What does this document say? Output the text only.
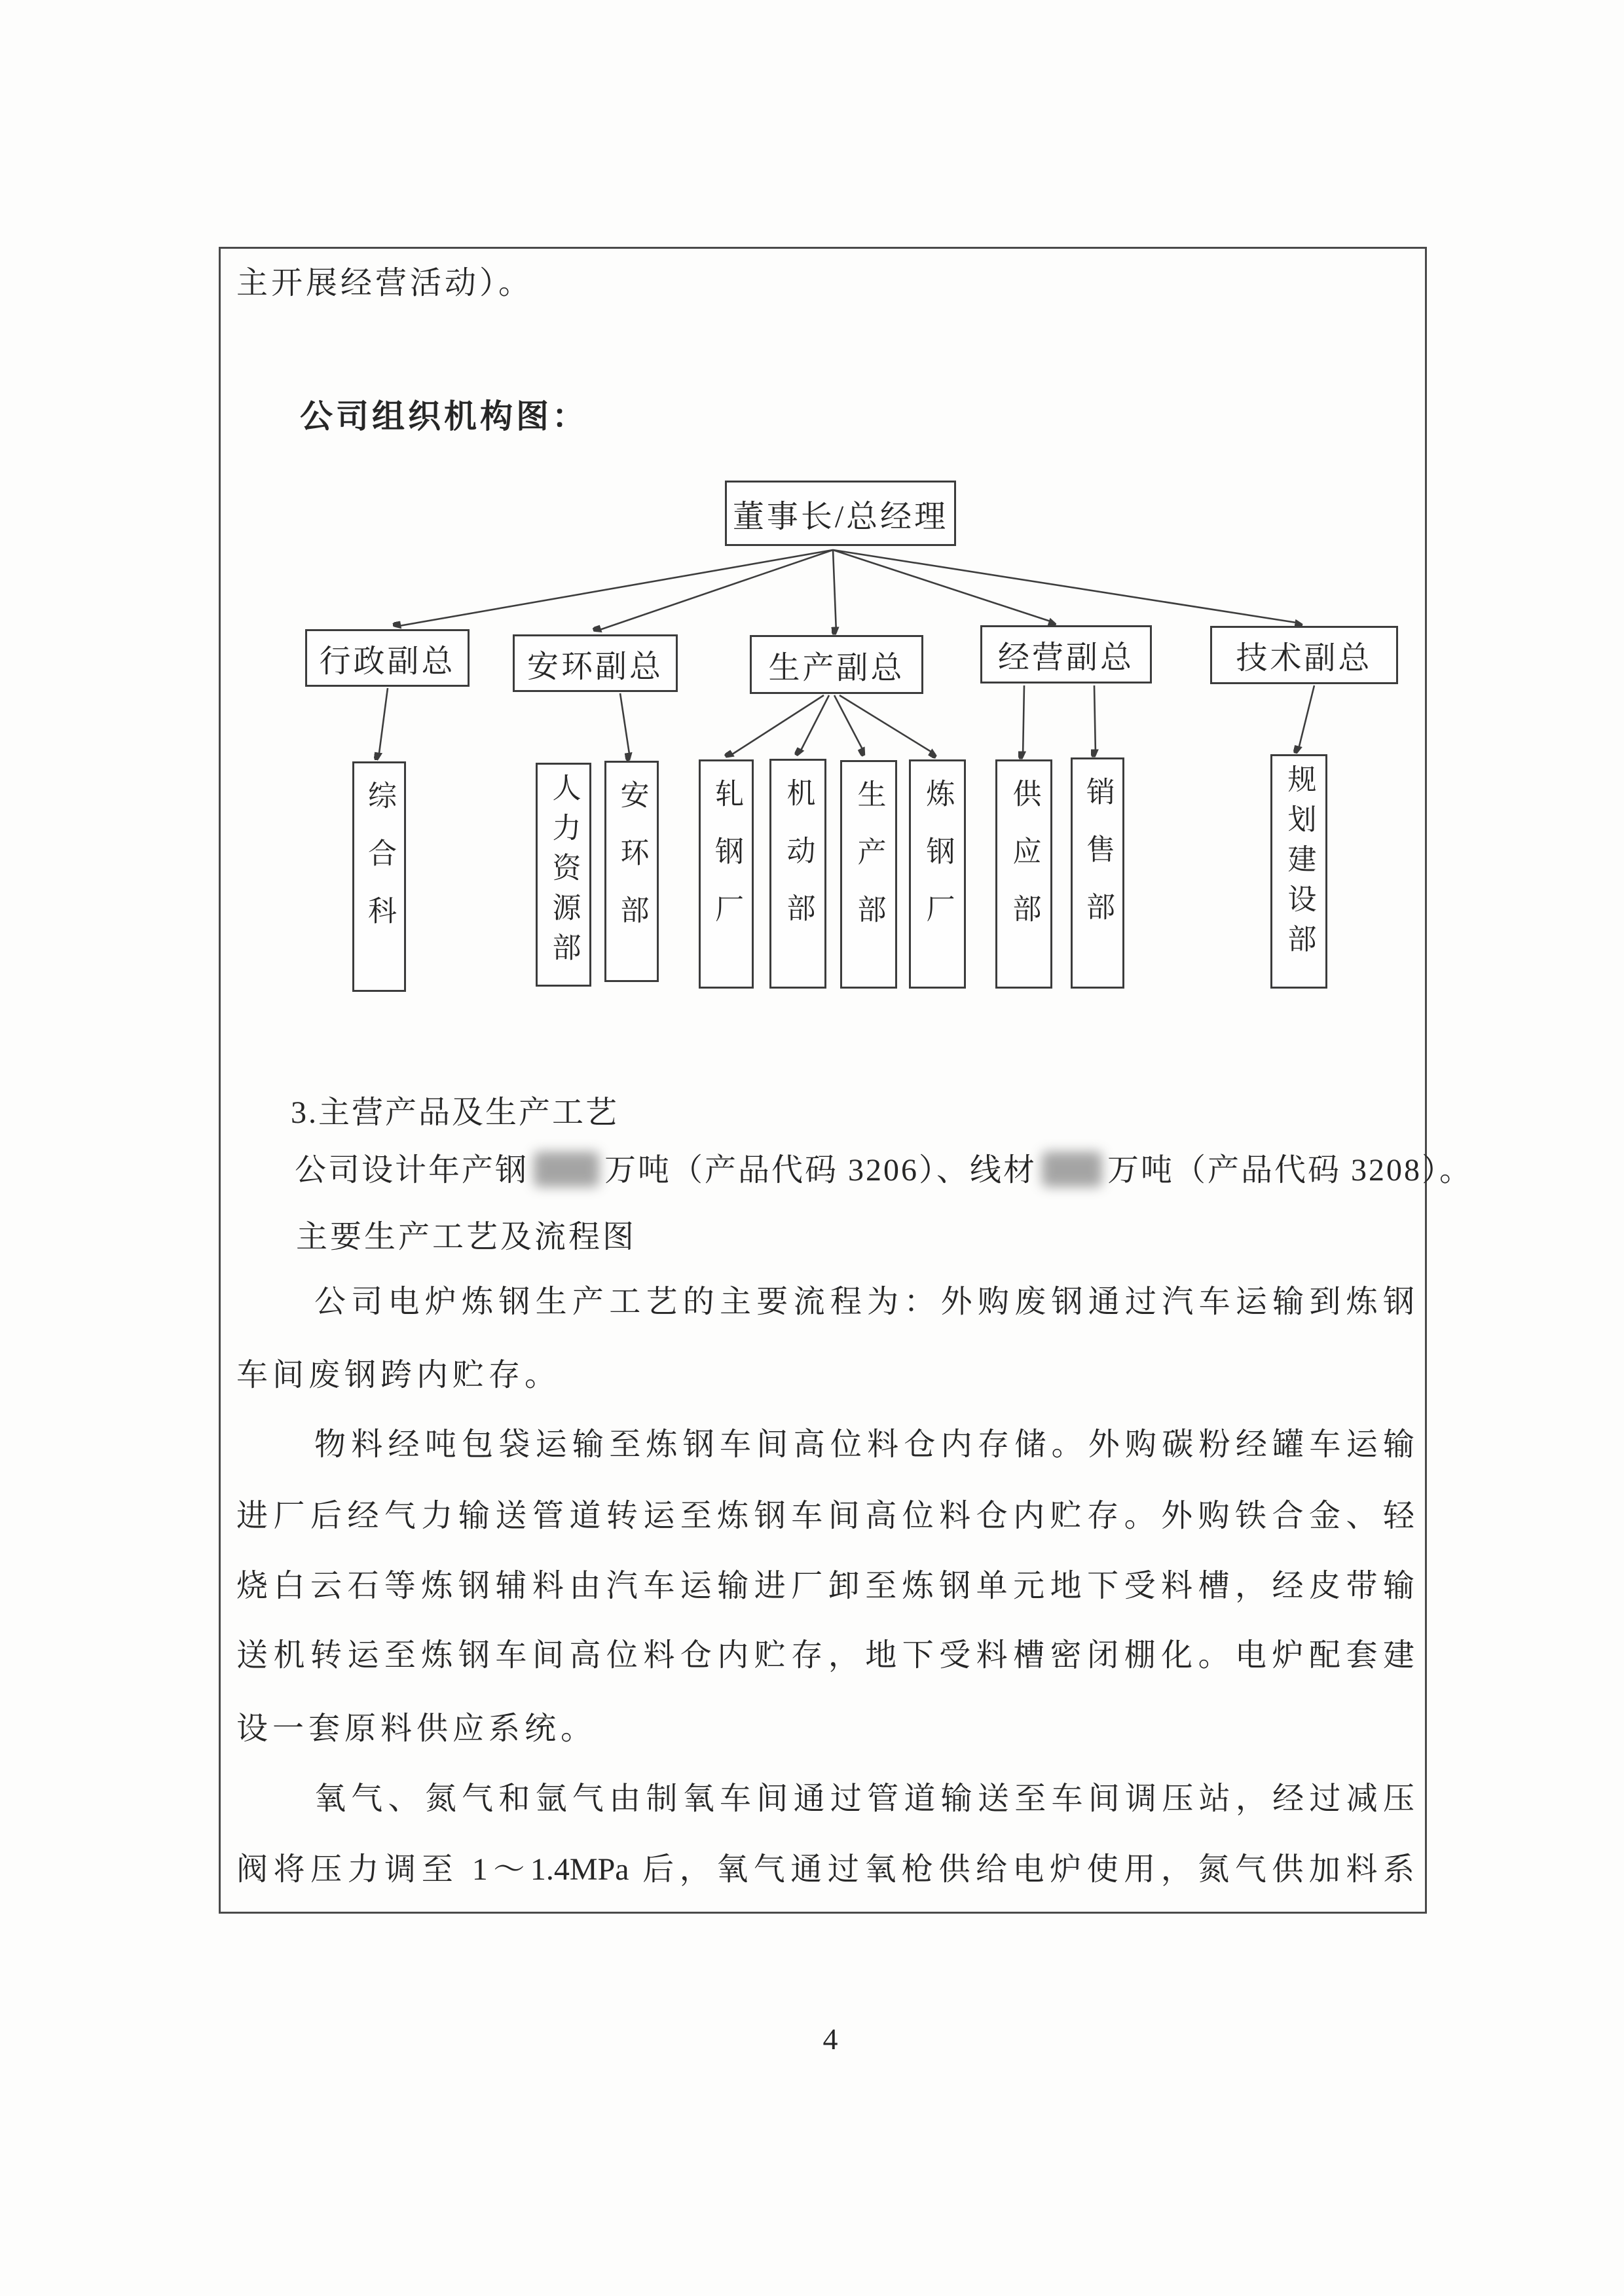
主开展经营活动）。
公司组织机构图：
董事长/总经理
行政副总	安环副总	生产副总	经营副总	技术副总
综合科	人力资源部 安环部 轧钢厂 机动部 生产部 炼钢厂 供应部 销售部	规划建设部
3.主营产品及生产工艺
公司设计年产钢 万吨（产品代码 3206）、线材 万吨（产品代码 3208）。
主要生产工艺及流程图
公司电炉炼钢生产工艺的主要流程为：外购废钢通过汽车运输到炼钢
车间废钢跨内贮存。
物料经吨包袋运输至炼钢车间高位料仓内存储。外购碳粉经罐车运输
进厂后经气力输送管道转运至炼钢车间高位料仓内贮存。外购铁合金、轻
烧白云石等炼钢辅料由汽车运输进厂卸至炼钢单元地下受料槽，经皮带输
送机转运至炼钢车间高位料仓内贮存，地下受料槽密闭棚化。电炉配套建
设一套原料供应系统。
氧气、氮气和氩气由制氧车间通过管道输送至车间调压站，经过减压
阀将压力调至 1～1.4MPa 后，氧气通过氧枪供给电炉使用，氮气供加料系
4
